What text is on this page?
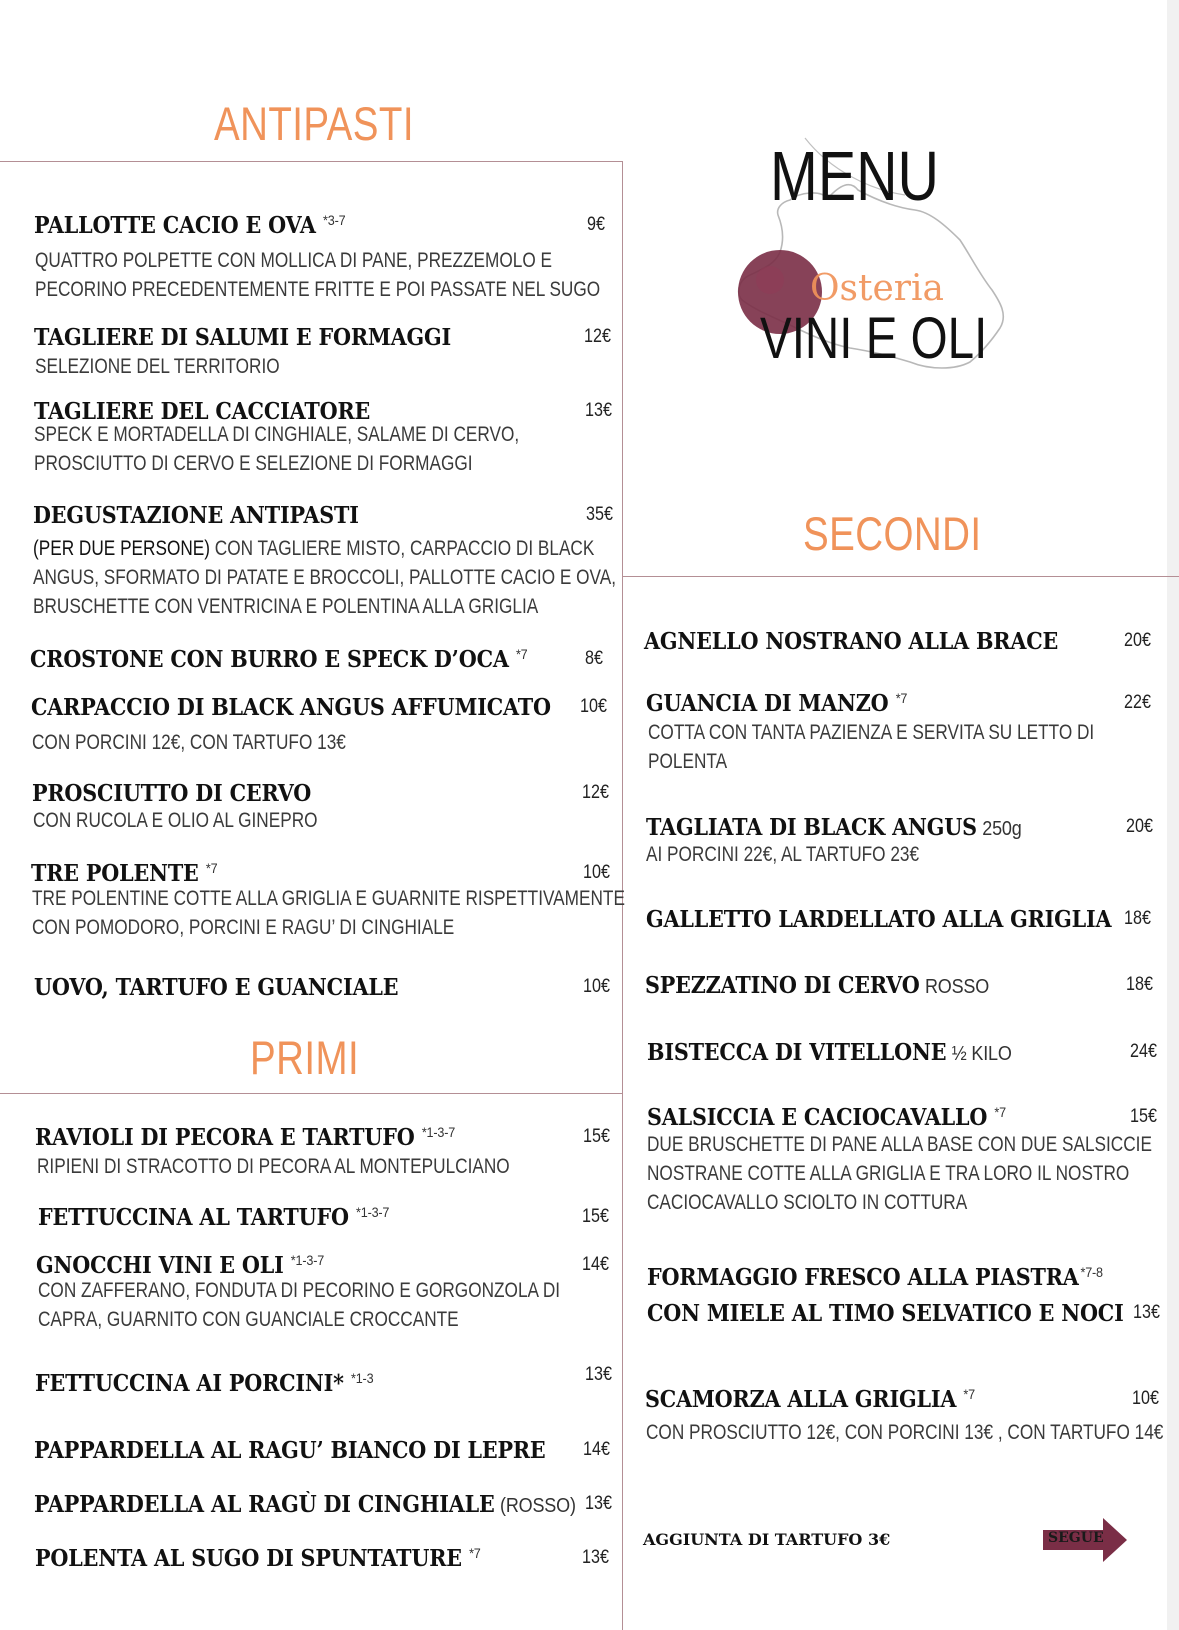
MENU
Osteria
VINI E OLI
ANTIPASTI
PALLOTTE CACIO E OVA $^{*3-7}$	9€
QUATTRO POLPETTE CON MOLLICA DI PANE, PREZZEMOLO E
PECORINO PRECEDENTEMENTE FRITTE E POI PASSATE NEL SUGO
TAGLIERE DI SALUMI E FORMAGGI	12€
SELEZIONE DEL TERRITORIO
TAGLIERE DEL CACCIATORE	13€
SPECK E MORTADELLA DI CINGHIALE, SALAME DI CERVO,
PROSCIUTTO DI CERVO E SELEZIONE DI FORMAGGI
DEGUSTAZIONE ANTIPASTI	35€
(PER DUE PERSONE) CON TAGLIERE MISTO, CARPACCIO DI BLACK
ANGUS, SFORMATO DI PATATE E BROCCOLI, PALLOTTE CACIO E OVA,
BRUSCHETTE CON VENTRICINA E POLENTINA ALLA GRIGLIA
CROSTONE CON BURRO E SPECK D’OCA $^{*7}$	8€
CARPACCIO DI BLACK ANGUS AFFUMICATO 10€
CON PORCINI 12€, CON TARTUFO 13€
PROSCIUTTO DI CERVO	12€
CON RUCOLA E OLIO AL GINEPRO
TRE POLENTE $^{*7}$	10€
TRE POLENTINE COTTE ALLA GRIGLIA E GUARNITE RISPETTIVAMENTE
CON POMODORO, PORCINI E RAGU’ DI CINGHIALE
UOVO, TARTUFO E GUANCIALE	10€
PRIMI
RAVIOLI DI PECORA E TARTUFO $^{*1-3-7}$	15€
RIPIENI DI STRACOTTO DI PECORA AL MONTEPULCIANO
FETTUCCINA AL TARTUFO $^{*1-3-7}$	15€
GNOCCHI VINI E OLI $^{*1-3-7}$	14€
CON ZAFFERANO, FONDUTA DI PECORINO E GORGONZOLA DI
CAPRA, GUARNITO CON GUANCIALE CROCCANTE
FETTUCCINA AI PORCINI* $^{*1-3}$	13€
PAPPARDELLA AL RAGU’ BIANCO DI LEPRE 14€
PAPPARDELLA AL RAGÙ DI CINGHIALE (ROSSO) 13€
POLENTA AL SUGO DI SPUNTATURE $^{*7}$	13€
SECONDI
AGNELLO NOSTRANO ALLA BRACE	20€
GUANCIA DI MANZO $^{*7}$	22€
COTTA CON TANTA PAZIENZA E SERVITA SU LETTO DI
POLENTA
TAGLIATA DI BLACK ANGUS 250g	20€
AI PORCINI 22€, AL TARTUFO 23€
GALLETTO LARDELLATO ALLA GRIGLIA 18€
SPEZZATINO DI CERVO ROSSO	18€
BISTECCA DI VITELLONE ½ KILO	24€
SALSICCIA E CACIOCAVALLO $^{*7}$	15€
DUE BRUSCHETTE DI PANE ALLA BASE CON DUE SALSICCIE
NOSTRANE COTTE ALLA GRIGLIA E TRA LORO IL NOSTRO
CACIOCAVALLO SCIOLTO IN COTTURA
FORMAGGIO FRESCO ALLA PIASTRA $^{*7-8}$
CON MIELE AL TIMO SELVATICO E NOCI 13€
SCAMORZA ALLA GRIGLIA $^{*7}$	10€
CON PROSCIUTTO 12€, CON PORCINI 13€ , CON TARTUFO 14€
AGGIUNTA DI TARTUFO 3€	SEGUE
